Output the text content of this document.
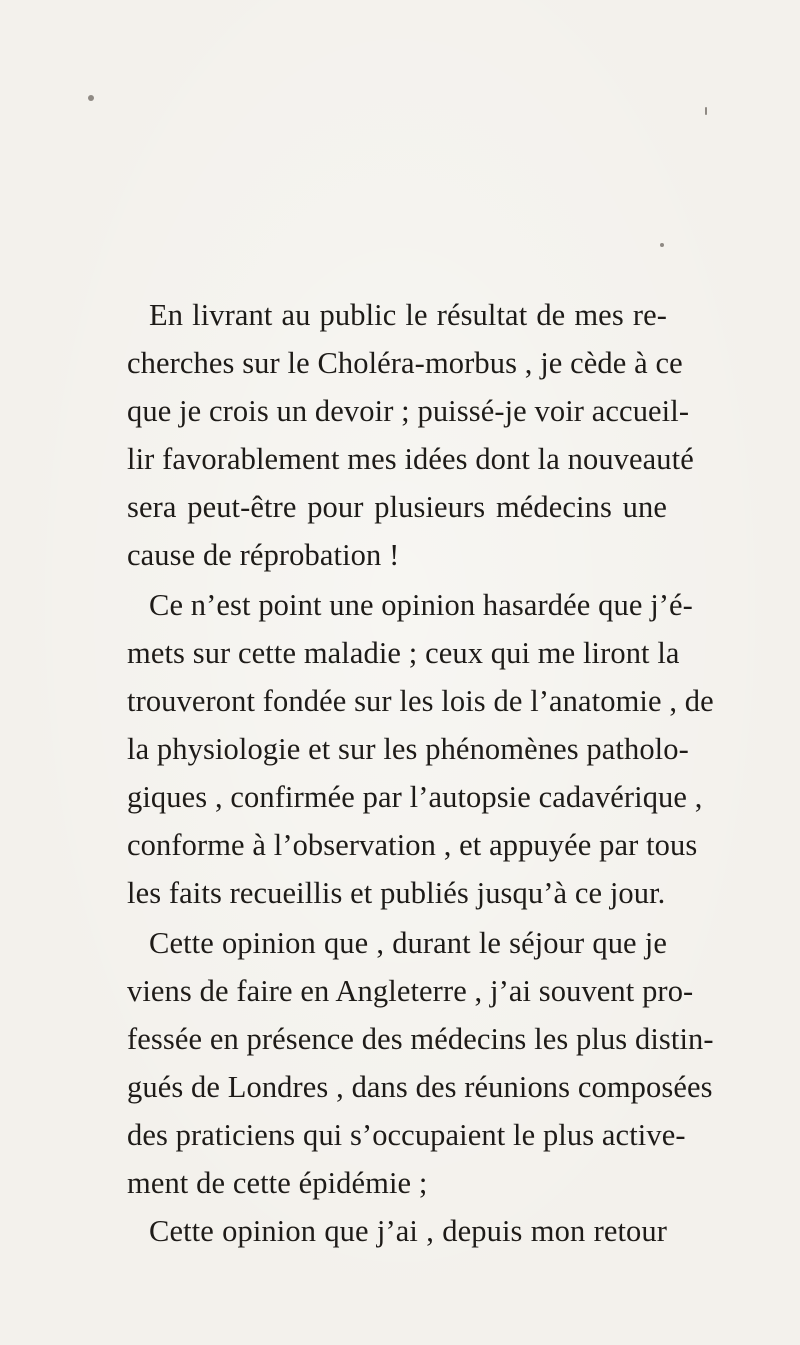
En livrant au public le résultat de mes re-
cherches sur le Choléra-morbus , je cède à ce
que je crois un devoir ; puissé-je voir accueil-
lir favorablement mes idées dont la nouveauté
sera peut-être pour plusieurs médecins une
cause de réprobation !
Ce n’est point une opinion hasardée que j’é-
mets sur cette maladie ; ceux qui me liront la
trouveront fondée sur les lois de l’anatomie , de
la physiologie et sur les phénomènes patholo-
giques , confirmée par l’autopsie cadavérique ,
conforme à l’observation , et appuyée par tous
les faits recueillis et publiés jusqu’à ce jour.
Cette opinion que , durant le séjour que je
viens de faire en Angleterre , j’ai souvent pro-
fessée en présence des médecins les plus distin-
gués de Londres , dans des réunions composées
des praticiens qui s’occupaient le plus active-
ment de cette épidémie ;
Cette opinion que j’ai , depuis mon retour
